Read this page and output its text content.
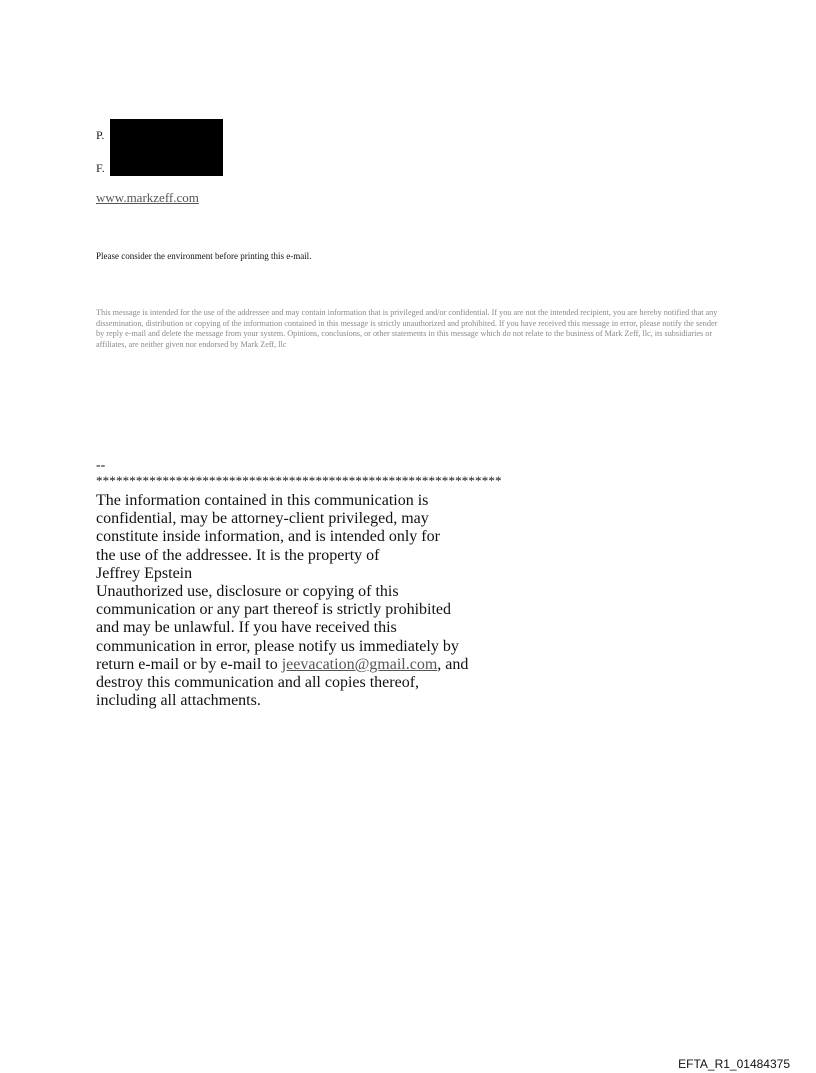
P.
F.
www.markzeff.com
Please consider the environment before printing this e-mail.
This message is intended for the use of the addressee and may contain information that is privileged and/or confidential. If you are not the intended recipient, you are hereby notified that any dissemination, distribution or copying of the information contained in this message is strictly unauthorized and prohibited. If you have received this message in error, please notify the sender by reply e-mail and delete the message from your system. Opinions, conclusions, or other statements in this message which do not relate to the business of Mark Zeff, llc, its subsidiaries or affiliates, are neither given nor endorsed by Mark Zeff, llc
--
*************************************************************
The information contained in this communication is
confidential, may be attorney-client privileged, may
constitute inside information, and is intended only for
the use of the addressee. It is the property of
Jeffrey Epstein
Unauthorized use, disclosure or copying of this
communication or any part thereof is strictly prohibited
and may be unlawful. If you have received this
communication in error, please notify us immediately by
return e-mail or by e-mail to jeevacation@gmail.com, and
destroy this communication and all copies thereof,
including all attachments.
EFTA_R1_01484375
